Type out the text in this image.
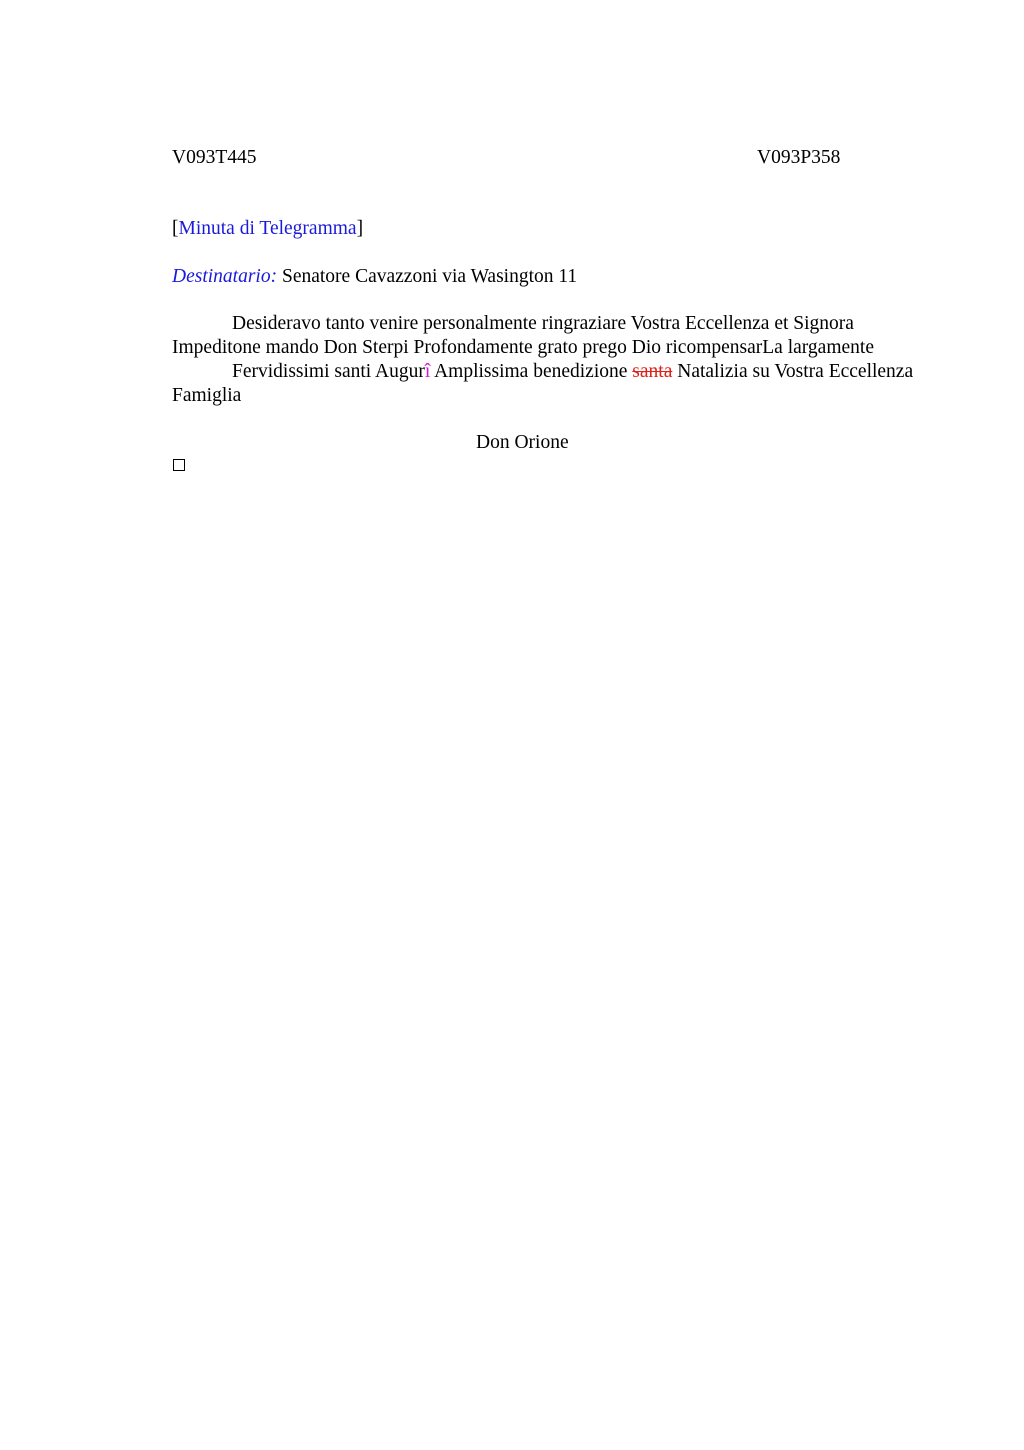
V093T445	V093P358
[Minuta di Telegramma]
Destinatario: Senatore Cavazzoni via Wasington 11

Desideravo tanto venire personalmente ringraziare Vostra Eccellenza et Signora Impeditone mando Don Sterpi Profondamente grato prego Dio ricompensarLa largamente

Fervidissimi santi Augurî Amplissima benedizione santa Natalizia su Vostra Eccellenza Famiglia

Don Orione
